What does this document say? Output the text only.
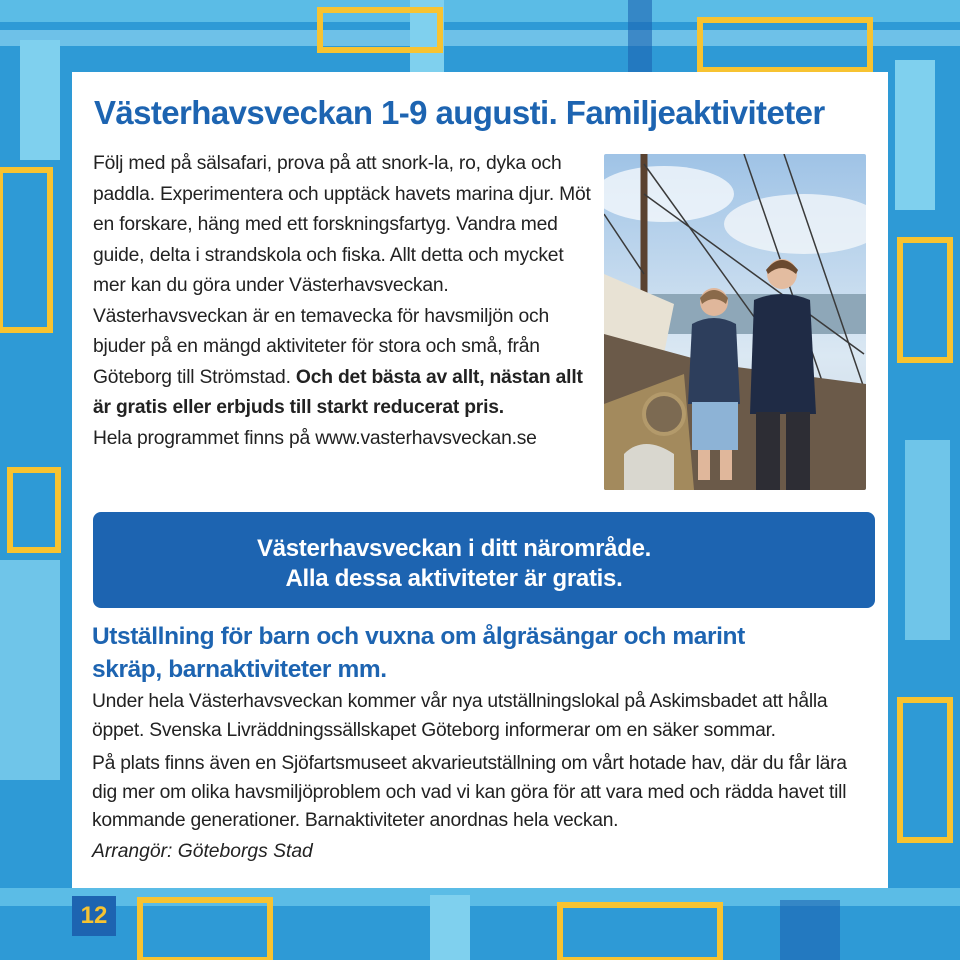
Västerhavsveckan 1-9 augusti. Familjeaktiviteter
Följ med på sälsafari, prova på att snork-la, ro, dyka och paddla. Experimentera och upptäck havets marina djur. Möt en forskare, häng med ett forskningsfartyg. Vandra med guide, delta i strandskola och fiska. Allt detta och mycket mer kan du göra under Västerhavsveckan. Västerhavsveckan är en temavecka för havsmiljön och bjuder på en mängd aktiviteter för stora och små, från Göteborg till Strömstad. Och det bästa av allt, nästan allt är gratis eller erbjuds till starkt reducerat pris.
Hela programmet finns på www.vasterhavsveckan.se
Västerhavsveckan i ditt närområde.
Alla dessa aktiviteter är gratis.
Utställning för barn och vuxna om ålgräsängar och marint skräp, barnaktiviteter mm.

Under hela Västerhavsveckan kommer vår nya utställningslokal på Askimsbadet att hålla öppet. Svenska Livräddningssällskapet Göteborg informerar om en säker sommar.

På plats finns även en Sjöfartsmuseet akvarieutställning om vårt hotade hav, där du får lära dig mer om olika havsmiljöproblem och vad vi kan göra för att vara med och rädda havet till kommande generationer. Barnaktiviteter anordnas hela veckan.

Arrangör: Göteborgs Stad

12
